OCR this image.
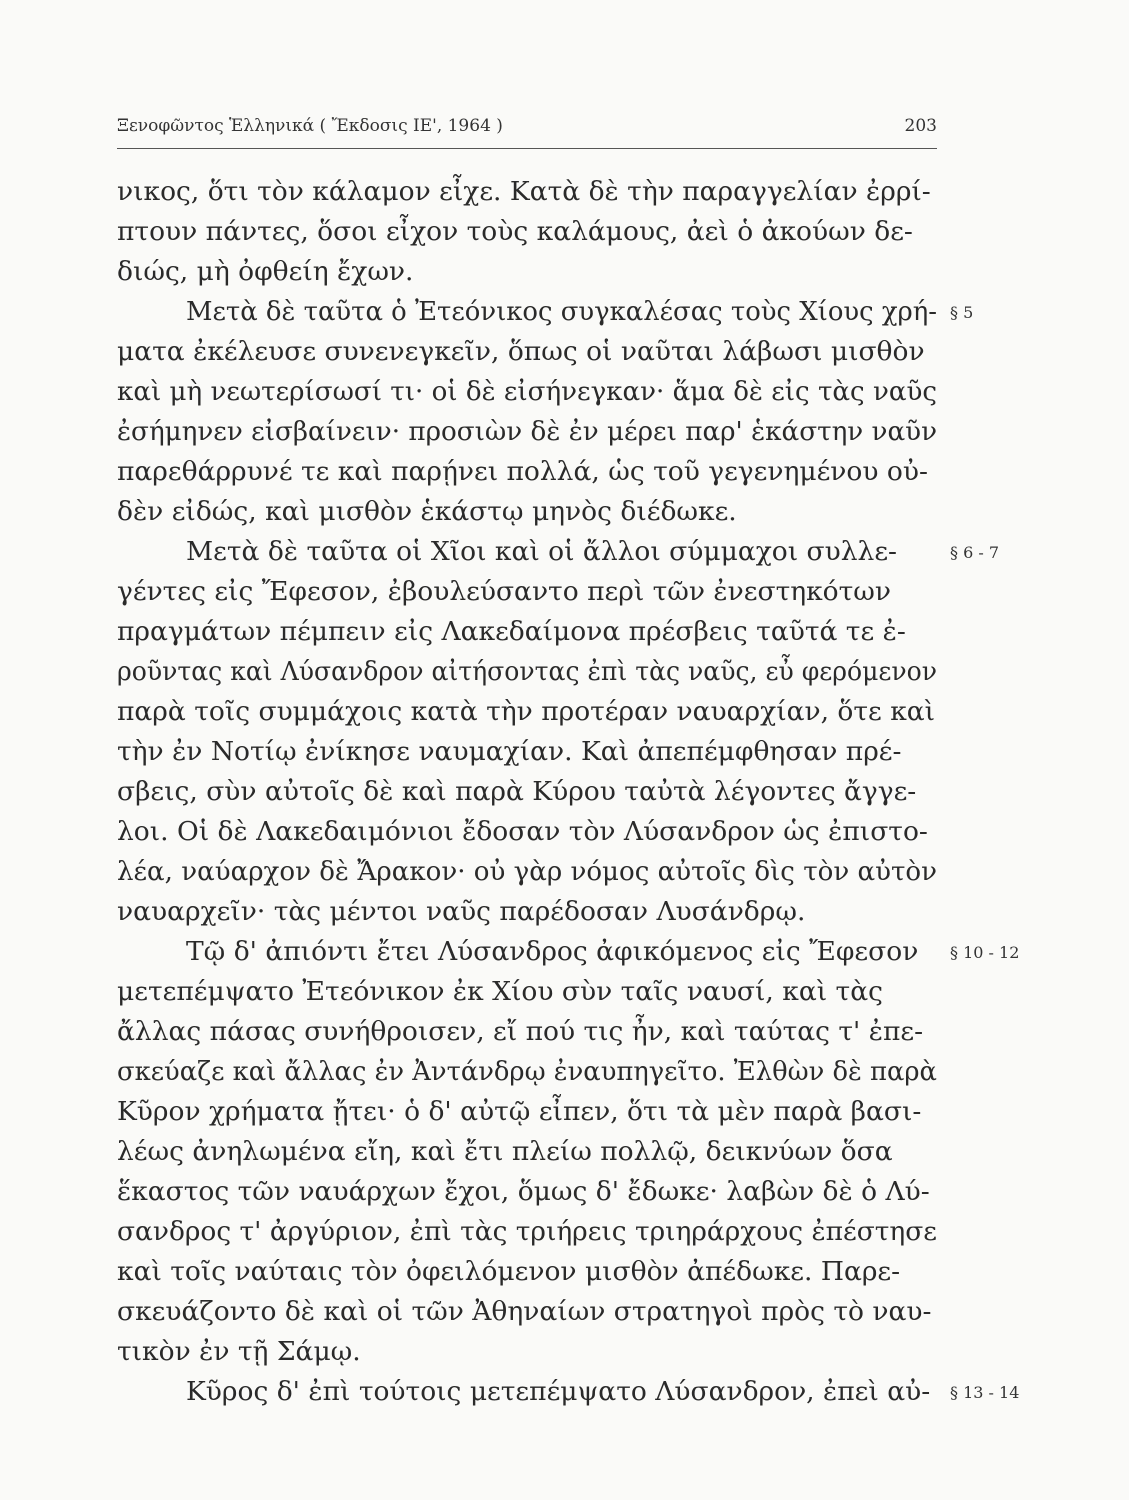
Ξενοφῶντος Ἑλληνικά ( Ἔκδοσις ΙΕ', 1964 )	203
νικος, ὅτι τὸν κάλαμον εἶχε. Κατὰ δὲ τὴν παραγγελίαν ἐρρί-
πτουν πάντες, ὅσοι εἶχον τοὺς καλάμους, ἀεὶ ὁ ἀκούων δε-
διώς, μὴ ὀφθείη ἔχων.
Μετὰ δὲ ταῦτα ὁ Ἐτεόνικος συγκαλέσας τοὺς Χίους χρή-
ματα ἐκέλευσε συνενεγκεῖν, ὅπως οἱ ναῦται λάβωσι μισθὸν
καὶ μὴ νεωτερίσωσί τι· οἱ δὲ εἰσήνεγκαν· ἅμα δὲ εἰς τὰς ναῦς
ἐσήμηνεν εἰσβαίνειν· προσιὼν δὲ ἐν μέρει παρ' ἑκάστην ναῦν
παρεθάρρυνέ τε καὶ παρῄνει πολλά, ὡς τοῦ γεγενημένου οὐ-
δὲν εἰδώς, καὶ μισθὸν ἑκάστῳ μηνὸς διέδωκε.
Μετὰ δὲ ταῦτα οἱ Χῖοι καὶ οἱ ἄλλοι σύμμαχοι συλλε-
γέντες εἰς Ἔφεσον, ἐβουλεύσαντο περὶ τῶν ἐνεστηκότων
πραγμάτων πέμπειν εἰς Λακεδαίμονα πρέσβεις ταῦτά τε ἐ-
ροῦντας καὶ Λύσανδρον αἰτήσοντας ἐπὶ τὰς ναῦς, εὖ φερόμενον
παρὰ τοῖς συμμάχοις κατὰ τὴν προτέραν ναυαρχίαν, ὅτε καὶ
τὴν ἐν Νοτίῳ ἐνίκησε ναυμαχίαν. Καὶ ἀπεπέμφθησαν πρέ-
σβεις, σὺν αὐτοῖς δὲ καὶ παρὰ Κύρου ταὐτὰ λέγοντες ἄγγε-
λοι. Οἱ δὲ Λακεδαιμόνιοι ἔδοσαν τὸν Λύσανδρον ὡς ἐπιστο-
λέα, ναύαρχον δὲ Ἄρακον· οὐ γὰρ νόμος αὐτοῖς δὶς τὸν αὐτὸν
ναυαρχεῖν· τὰς μέντοι ναῦς παρέδοσαν Λυσάνδρῳ.
Τῷ δ' ἀπιόντι ἔτει Λύσανδρος ἀφικόμενος εἰς Ἔφεσον
μετεπέμψατο Ἐτεόνικον ἐκ Χίου σὺν ταῖς ναυσί, καὶ τὰς
ἄλλας πάσας συνήθροισεν, εἴ πού τις ἦν, καὶ ταύτας τ' ἐπε-
σκεύαζε καὶ ἄλλας ἐν Ἀντάνδρῳ ἐναυπηγεῖτο. Ἐλθὼν δὲ παρὰ
Κῦρον χρήματα ᾔτει· ὁ δ' αὐτῷ εἶπεν, ὅτι τὰ μὲν παρὰ βασι-
λέως ἀνηλωμένα εἴη, καὶ ἔτι πλείω πολλῷ, δεικνύων ὅσα
ἕκαστος τῶν ναυάρχων ἔχοι, ὅμως δ' ἔδωκε· λαβὼν δὲ ὁ Λύ-
σανδρος τ' ἀργύριον, ἐπὶ τὰς τριήρεις τριηράρχους ἐπέστησε
καὶ τοῖς ναύταις τὸν ὀφειλόμενον μισθὸν ἀπέδωκε. Παρε-
σκευάζοντο δὲ καὶ οἱ τῶν Ἀθηναίων στρατηγοὶ πρὸς τὸ ναυ-
τικὸν ἐν τῇ Σάμῳ.
Κῦρος δ' ἐπὶ τούτοις μετεπέμψατο Λύσανδρον, ἐπεὶ αὐ-
§ 5
§ 6 - 7
§ 10 - 12
§ 13 - 14
